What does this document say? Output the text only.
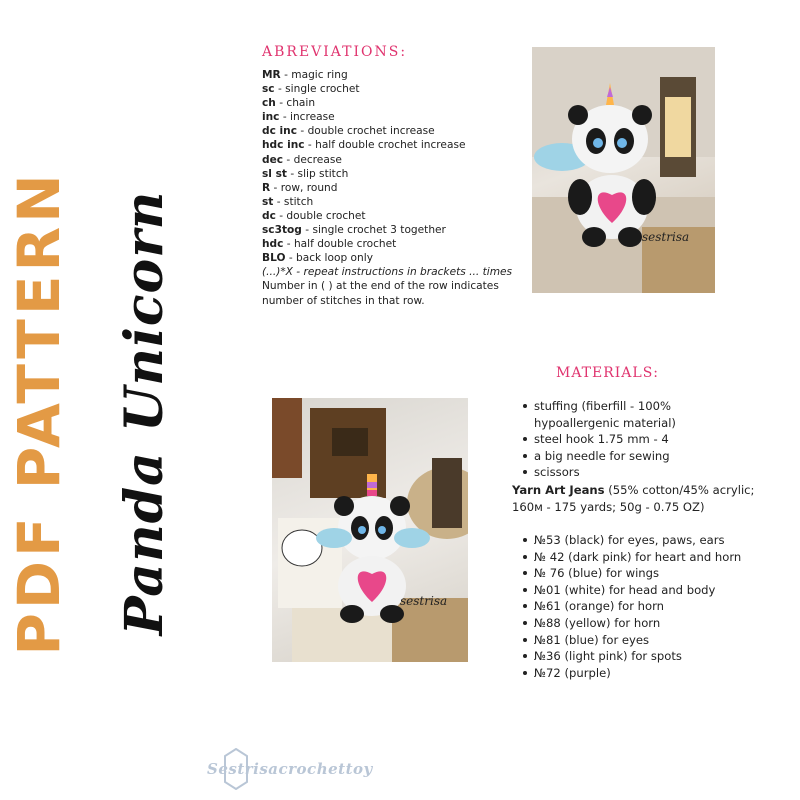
PDF PATTERN Panda Unicorn
ABREVIATIONS:
MR - magic ring
sc - single crochet
ch - chain
inc - increase
dc inc - double crochet increase
hdc inc - half double crochet increase
dec - decrease
sl st - slip stitch
R - row, round
st - stitch
dc - double crochet
sc3tog - single crochet 3 together
hdc - half double crochet
BLO - back loop only
(...)*X - repeat instructions in brackets ... times
Number in ( ) at the end of the row indicates number of stitches in that row.
sestrisa
sestrisa
MATERIALS:
stuffing (fiberfill - 100% hypoallergenic material)
steel hook 1.75 mm - 4
a big needle for sewing
scissors
Yarn Art Jeans (55% cotton/45% acrylic; 160м - 175 yards; 50g - 0.75 OZ)
№53 (black) for eyes, paws, ears
№ 42 (dark pink) for heart and horn
№ 76 (blue) for wings
№01 (white) for head and body
№61 (orange) for horn
№88 (yellow) for horn
№81 (blue) for eyes
№36 (light pink) for spots
№72 (purple)
Sestrisacrochettoy
